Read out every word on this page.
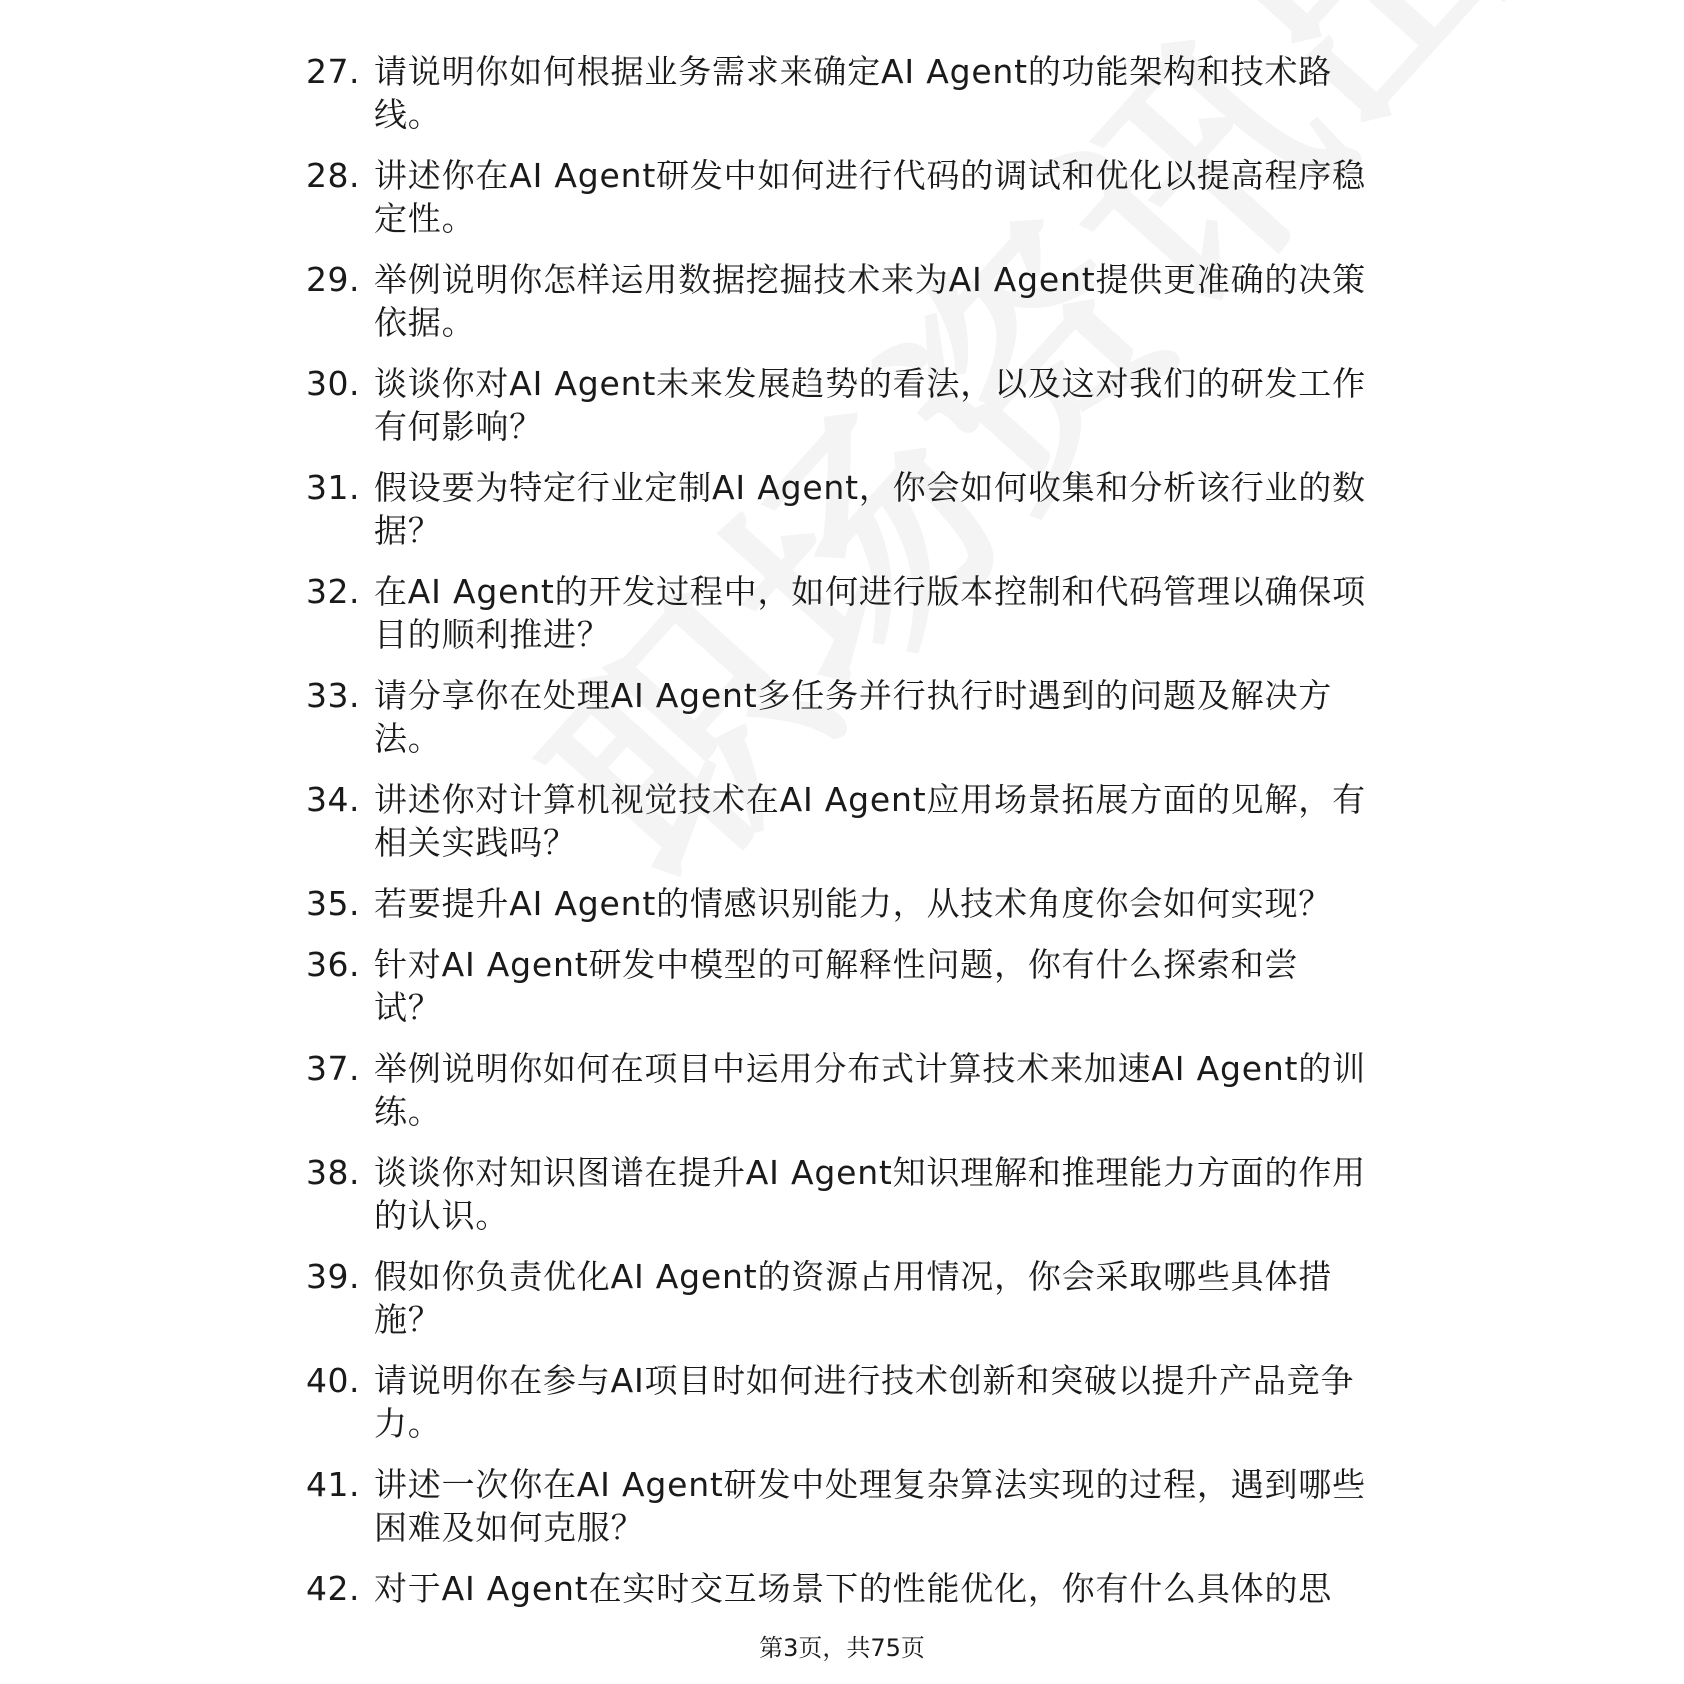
27. 请说明你如何根据业务需求来确定AI Agent的功能架构和技术路线。
28. 讲述你在AI Agent研发中如何进行代码的调试和优化以提高程序稳定性。
29. 举例说明你怎样运用数据挖掘技术来为AI Agent提供更准确的决策依据。
30. 谈谈你对AI Agent未来发展趋势的看法，以及这对我们的研发工作有何影响？
31. 假设要为特定行业定制AI Agent，你会如何收集和分析该行业的数据？
32. 在AI Agent的开发过程中，如何进行版本控制和代码管理以确保项目的顺利推进？
33. 请分享你在处理AI Agent多任务并行执行时遇到的问题及解决方法。
34. 讲述你对计算机视觉技术在AI Agent应用场景拓展方面的见解，有相关实践吗？
35. 若要提升AI Agent的情感识别能力，从技术角度你会如何实现？
36. 针对AI Agent研发中模型的可解释性问题，你有什么探索和尝试？
37. 举例说明你如何在项目中运用分布式计算技术来加速AI Agent的训练。
38. 谈谈你对知识图谱在提升AI Agent知识理解和推理能力方面的作用的认识。
39. 假如你负责优化AI Agent的资源占用情况，你会采取哪些具体措施？
40. 请说明你在参与AI项目时如何进行技术创新和突破以提升产品竞争力。
41. 讲述一次你在AI Agent研发中处理复杂算法实现的过程，遇到哪些困难及如何克服？
42. 对于AI Agent在实时交互场景下的性能优化，你有什么具体的思
第3页，共75页
